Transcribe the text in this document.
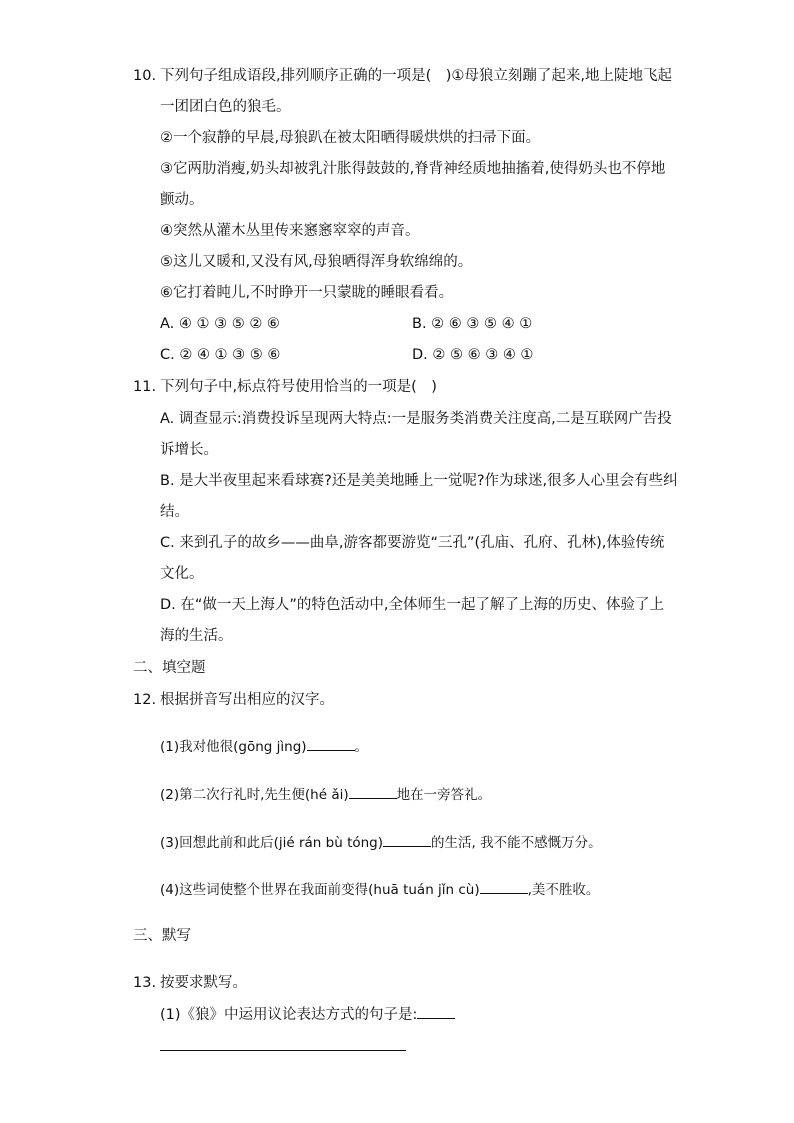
10. 下列句子组成语段,排列顺序正确的一项是(　)①母狼立刻蹦了起来,地上陡地飞起
一团团白色的狼毛。
②一个寂静的早晨,母狼趴在被太阳晒得暖烘烘的扫帚下面。
③它两肋消瘦,奶头却被乳汁胀得鼓鼓的,脊背神经质地抽搐着,使得奶头也不停地
颤动。
④突然从灌木丛里传来窸窸窣窣的声音。
⑤这儿又暖和,又没有风,母狼晒得浑身软绵绵的。
⑥它打着盹儿,不时睁开一只蒙眬的睡眼看看。
A. ④ ① ③ ⑤ ② ⑥	B. ② ⑥ ③ ⑤ ④ ①
C. ② ④ ① ③ ⑤ ⑥	D. ② ⑤ ⑥ ③ ④ ①
11. 下列句子中,标点符号使用恰当的一项是(　)
A. 调查显示:消费投诉呈现两大特点:一是服务类消费关注度高,二是互联网广告投
诉增长。
B. 是大半夜里起来看球赛?还是美美地睡上一觉呢?作为球迷,很多人心里会有些纠
结。
C. 来到孔子的故乡——曲阜,游客都要游览“三孔”(孔庙、孔府、孔林),体验传统
文化。
D. 在“做一天上海人”的特色活动中,全体师生一起了解了上海的历史、体验了上
海的生活。
二、填空题
12. 根据拼音写出相应的汉字。
(1)我对他很(gōng jìng)	。
(2)第二次行礼时,先生便(hé ǎi)	地在一旁答礼。
(3)回想此前和此后(jié rán bù tóng)	的生活, 我不能不感慨万分。
(4)这些词使整个世界在我面前变得(huā tuán jǐn cù)	,美不胜收。
三、默写
13. 按要求默写。
(1)《狼》中运用议论表达方式的句子是:
